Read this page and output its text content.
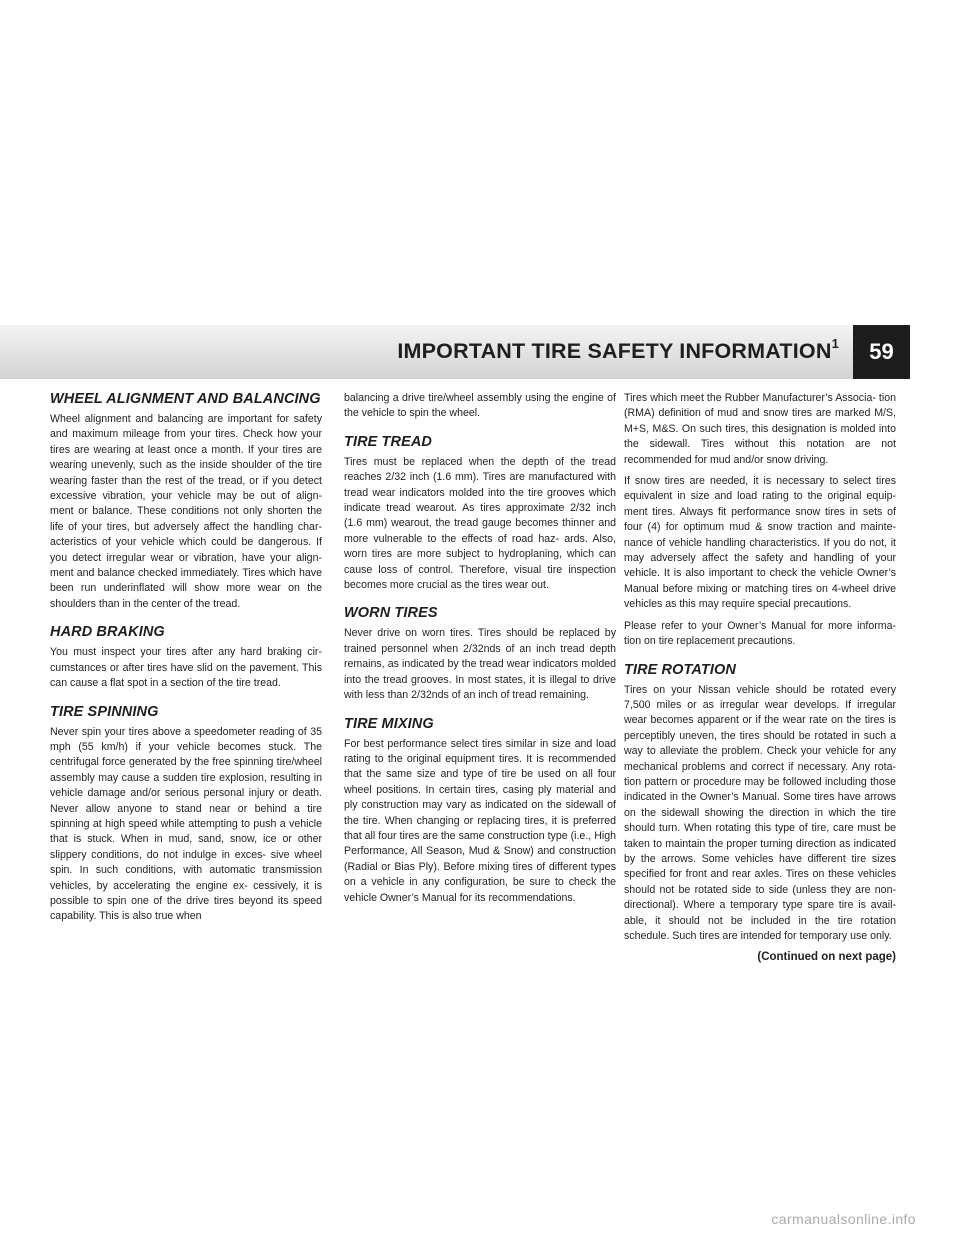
IMPORTANT TIRE SAFETY INFORMATION$^1$	59
WHEEL ALIGNMENT AND BALANCING

Wheel alignment and balancing are important for safety and maximum mileage from your tires. Check how your tires are wearing at least once a month. If your tires are wearing unevenly, such as the inside shoulder of the tire wearing faster than the rest of the tread, or if you detect excessive vibration, your vehicle may be out of align- ment or balance. These conditions not only shorten the life of your tires, but adversely affect the handling char- acteristics of your vehicle which could be dangerous. If you detect irregular wear or vibration, have your align- ment and balance checked immediately. Tires which have been run underinflated will show more wear on the shoulders than in the center of the tread.

HARD BRAKING

You must inspect your tires after any hard braking cir- cumstances or after tires have slid on the pavement. This can cause a flat spot in a section of the tire tread.

TIRE SPINNING

Never spin your tires above a speedometer reading of 35 mph (55 km/h) if your vehicle becomes stuck. The centrifugal force generated by the free spinning tire/wheel assembly may cause a sudden tire explosion, resulting in vehicle damage and/or serious personal injury or death. Never allow anyone to stand near or behind a tire spinning at high speed while attempting to push a vehicle that is stuck. When in mud, sand, snow, ice or other slippery conditions, do not indulge in exces- sive wheel spin. In such conditions, with automatic transmission vehicles, by accelerating the engine ex- cessively, it is possible to spin one of the drive tires beyond its speed capability. This is also true when

balancing a drive tire/wheel assembly using the engine of the vehicle to spin the wheel.

TIRE TREAD

Tires must be replaced when the depth of the tread reaches 2/32 inch (1.6 mm). Tires are manufactured with tread wear indicators molded into the tire grooves which indicate tread wearout. As tires approximate 2/32 inch (1.6 mm) wearout, the tread gauge becomes thinner and more vulnerable to the effects of road haz- ards. Also, worn tires are more subject to hydroplaning, which can cause loss of control. Therefore, visual tire inspection becomes more crucial as the tires wear out.

WORN TIRES

Never drive on worn tires. Tires should be replaced by trained personnel when 2/32nds of an inch tread depth remains, as indicated by the tread wear indicators molded into the tread grooves. In most states, it is illegal to drive with less than 2/32nds of an inch of tread remaining.

TIRE MIXING

For best performance select tires similar in size and load rating to the original equipment tires. It is recommended that the same size and type of tire be used on all four wheel positions. In certain tires, casing ply material and ply construction may vary as indicated on the sidewall of the tire. When changing or replacing tires, it is preferred that all four tires are the same construction type (i.e., High Performance, All Season, Mud & Snow) and construction (Radial or Bias Ply). Before mixing tires of different types on a vehicle in any configuration, be sure to check the vehicle Owner’s Manual for its recommendations.

Tires which meet the Rubber Manufacturer’s Associa- tion (RMA) definition of mud and snow tires are marked M/S, M+S, M&S. On such tires, this designation is molded into the sidewall. Tires without this notation are not recommended for mud and/or snow driving.

If snow tires are needed, it is necessary to select tires equivalent in size and load rating to the original equip- ment tires. Always fit performance snow tires in sets of four (4) for optimum mud & snow traction and mainte- nance of vehicle handling characteristics. If you do not, it may adversely affect the safety and handling of your vehicle. It is also important to check the vehicle Owner’s Manual before mixing or matching tires on 4-wheel drive vehicles as this may require special precautions.

Please refer to your Owner’s Manual for more informa- tion on tire replacement precautions.

TIRE ROTATION

Tires on your Nissan vehicle should be rotated every 7,500 miles or as irregular wear develops. If irregular wear becomes apparent or if the wear rate on the tires is perceptibly uneven, the tires should be rotated in such a way to alleviate the problem. Check your vehicle for any mechanical problems and correct if necessary. Any rota- tion pattern or procedure may be followed including those indicated in the Owner’s Manual. Some tires have arrows on the sidewall showing the direction in which the tire should turn. When rotating this type of tire, care must be taken to maintain the proper turning direction as indicated by the arrows. Some vehicles have different tire sizes specified for front and rear axles. Tires on these vehicles should not be rotated side to side (unless they are non- directional). Where a temporary type spare tire is avail- able, it should not be included in the tire rotation schedule. Such tires are intended for temporary use only.

(Continued on next page)
carmanualsonline.info
